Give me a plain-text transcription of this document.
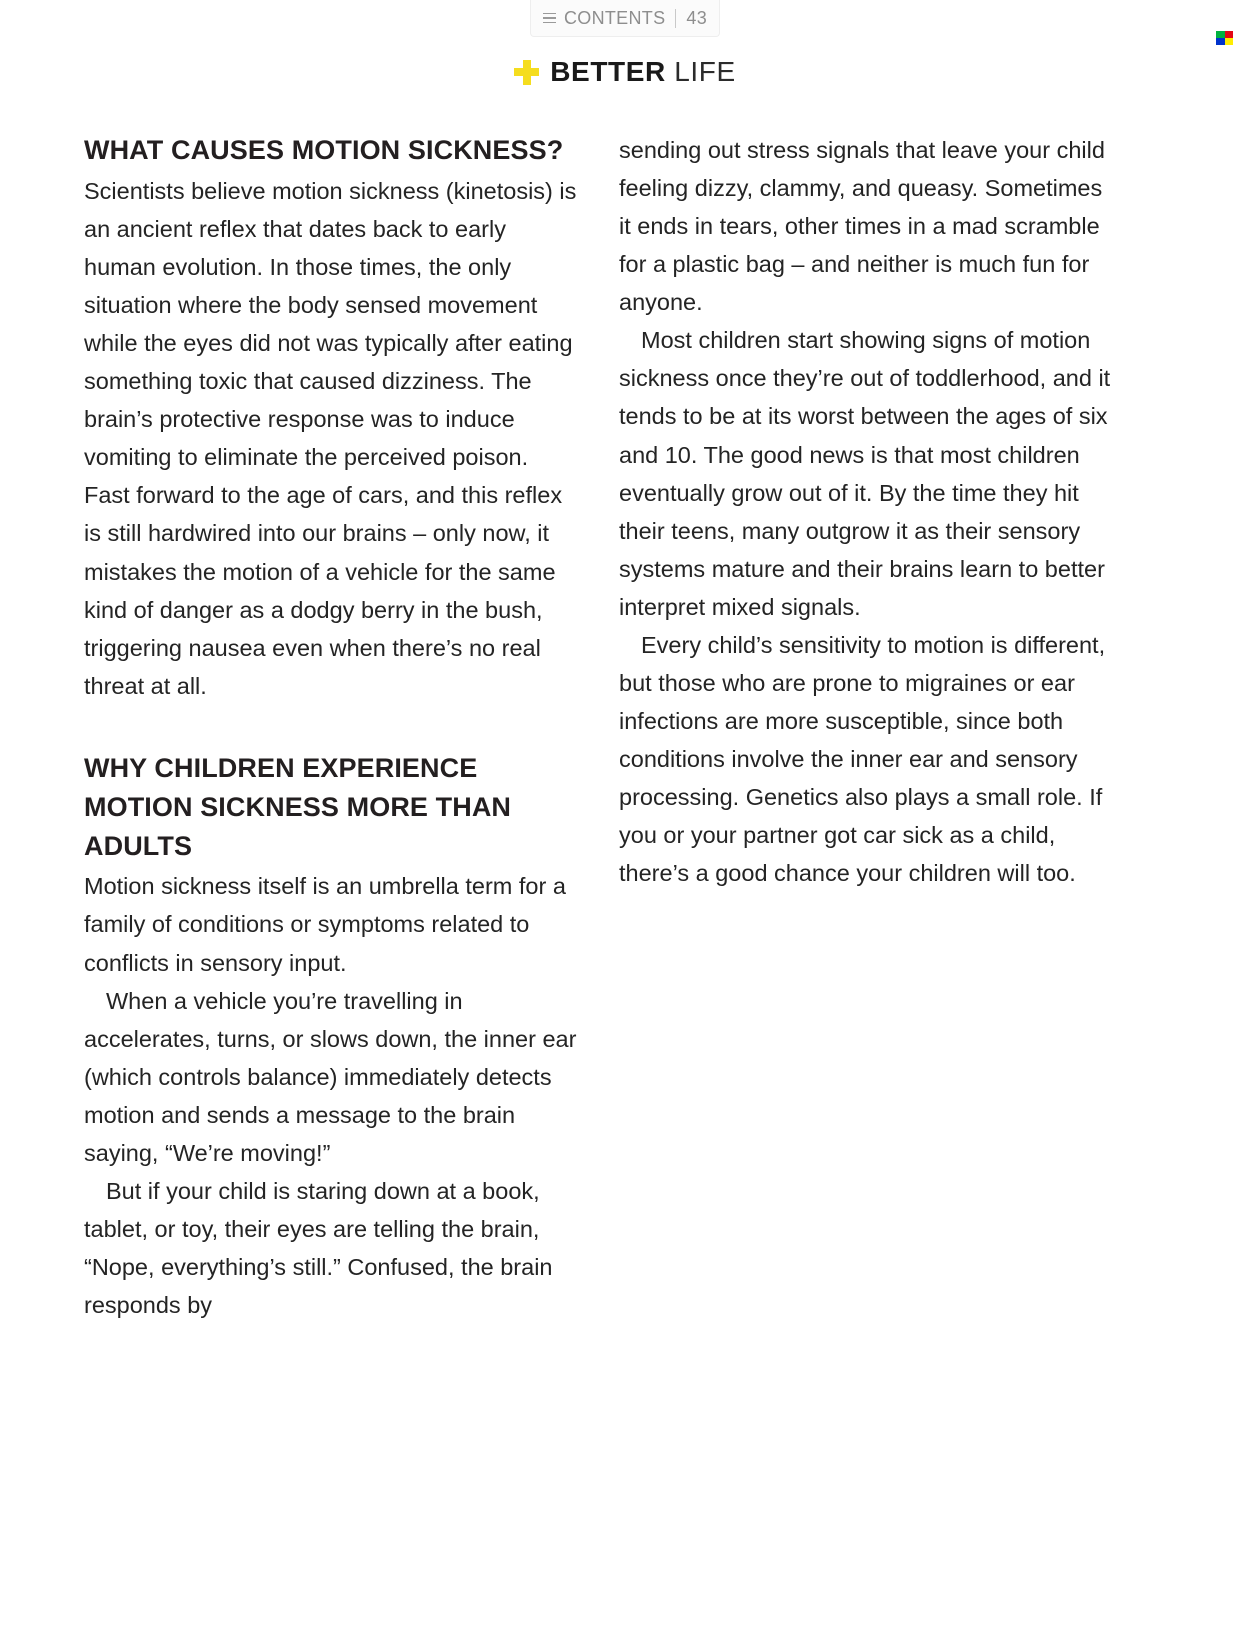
CONTENTS 43
BETTER LIFE
WHAT CAUSES MOTION SICKNESS?

Scientists believe motion sickness (kinetosis) is an ancient reflex that dates back to early human evolution. In those times, the only situation where the body sensed movement while the eyes did not was typically after eating something toxic that caused dizziness. The brain’s protective response was to induce vomiting to eliminate the perceived poison. Fast forward to the age of cars, and this reflex is still hardwired into our brains – only now, it mistakes the motion of a vehicle for the same kind of danger as a dodgy berry in the bush, triggering nausea even when there’s no real threat at all.

WHY CHILDREN EXPERIENCE MOTION SICKNESS MORE THAN ADULTS

Motion sickness itself is an umbrella term for a family of conditions or symptoms related to conflicts in sensory input.

When a vehicle you’re travelling in accelerates, turns, or slows down, the inner ear (which controls balance) immediately detects motion and sends a message to the brain saying, “We’re moving!”

But if your child is staring down at a book, tablet, or toy, their eyes are telling the brain, “Nope, everything’s still.” Confused, the brain responds by

sending out stress signals that leave your child feeling dizzy, clammy, and queasy. Sometimes it ends in tears, other times in a mad scramble for a plastic bag – and neither is much fun for anyone.

Most children start showing signs of motion sickness once they’re out of toddlerhood, and it tends to be at its worst between the ages of six and 10. The good news is that most children eventually grow out of it. By the time they hit their teens, many outgrow it as their sensory systems mature and their brains learn to better interpret mixed signals.

Every child’s sensitivity to motion is different, but those who are prone to migraines or ear infections are more susceptible, since both conditions involve the inner ear and sensory processing. Genetics also plays a small role. If you or your partner got car sick as a child, there’s a good chance your children will too.
